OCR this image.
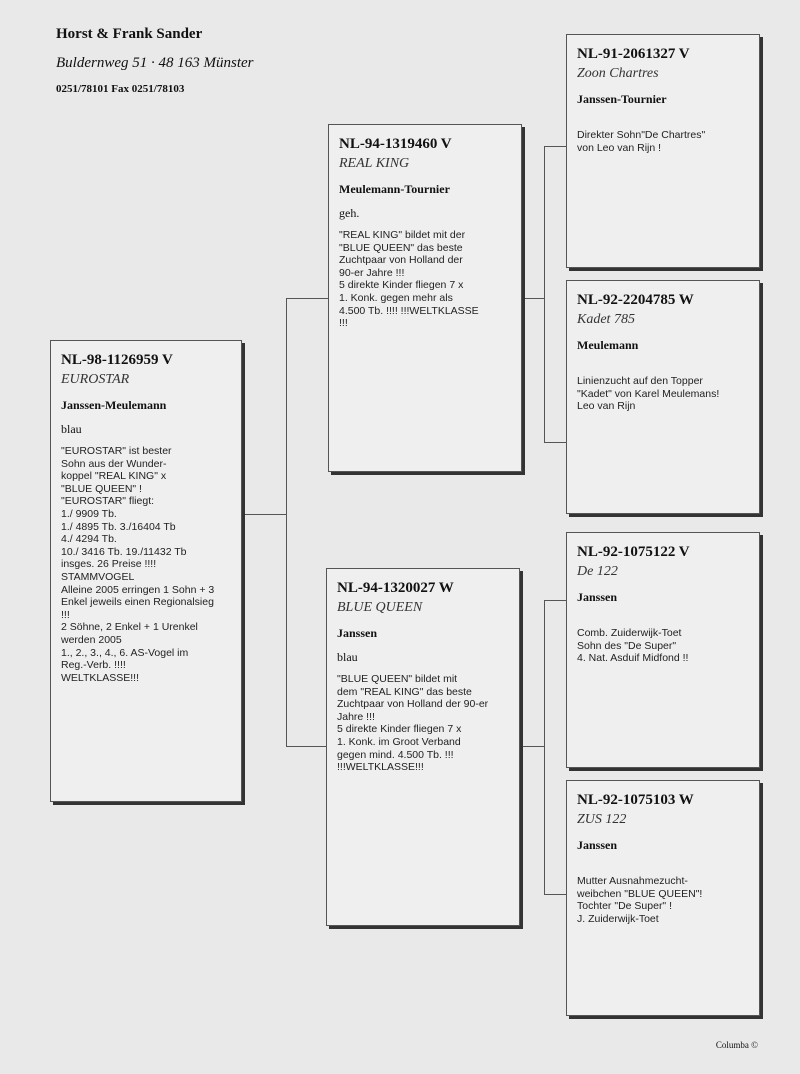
Horst & Frank Sander
Buldernweg 51 · 48 163 Münster
0251/78101 Fax 0251/78103
NL-98-1126959 V
EUROSTAR
Janssen-Meulemann
blau
"EUROSTAR" ist bester
Sohn aus der Wunder-
koppel "REAL KING" x
"BLUE QUEEN" !
"EUROSTAR" fliegt:
1./ 9909 Tb.
1./ 4895 Tb. 3./16404 Tb
4./ 4294 Tb.
10./ 3416 Tb. 19./11432 Tb
insges. 26 Preise !!!!
STAMMVOGEL
Alleine 2005 erringen 1 Sohn + 3
Enkel jeweils einen Regionalsieg
!!!
2 Söhne, 2 Enkel + 1 Urenkel
werden 2005
1., 2., 3., 4., 6. AS-Vogel im
Reg.-Verb. !!!!
WELTKLASSE!!!
NL-94-1319460 V
REAL KING
Meulemann-Tournier
geh.
"REAL KING" bildet mit der
"BLUE QUEEN" das beste
Zuchtpaar von Holland der
90-er Jahre !!!
5 direkte Kinder fliegen 7 x
1. Konk. gegen mehr als
4.500 Tb. !!!! !!!WELTKLASSE
!!!
NL-94-1320027 W
BLUE QUEEN
Janssen
blau
"BLUE QUEEN" bildet mit
dem "REAL KING" das beste
Zuchtpaar von Holland der 90-er
Jahre !!!
5 direkte Kinder fliegen 7 x
1. Konk. im Groot Verband
gegen mind. 4.500 Tb. !!!
!!!WELTKLASSE!!!
NL-91-2061327 V
Zoon Chartres
Janssen-Tournier
Direkter Sohn"De Chartres"
von Leo van Rijn !
NL-92-2204785 W
Kadet 785
Meulemann
Linienzucht auf den Topper
"Kadet" von Karel Meulemans!
Leo van Rijn
NL-92-1075122 V
De 122
Janssen
Comb. Zuiderwijk-Toet
Sohn des "De Super"
4. Nat. Asduif Midfond !!
NL-92-1075103 W
ZUS 122
Janssen
Mutter Ausnahmezucht-
weibchen "BLUE QUEEN"!
Tochter "De Super" !
J. Zuiderwijk-Toet
Columba ©
